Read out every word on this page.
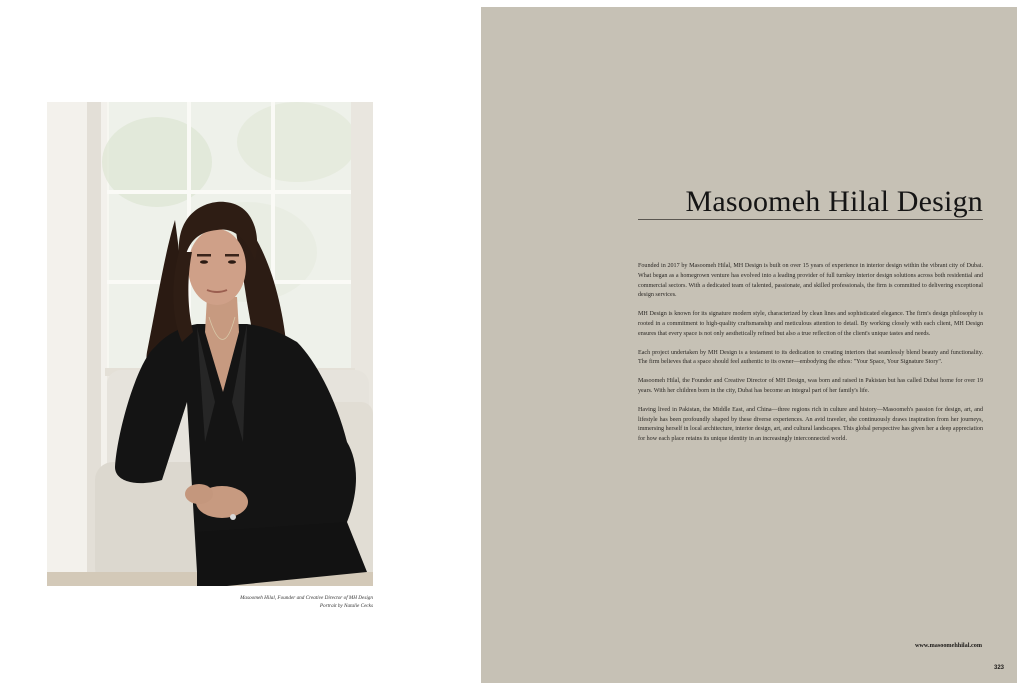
Masoomeh Hilal, Founder and Creative Director of MH Design
Portrait by Natalie Cecks
Masoomeh Hilal Design

Founded in 2017 by Masoomeh Hilal, MH Design is built on over 15 years of experience in interior design within the vibrant city of Dubai. What began as a homegrown venture has evolved into a leading provider of full turnkey interior design solutions across both residential and commercial sectors. With a dedicated team of talented, passionate, and skilled professionals, the firm is committed to delivering exceptional design services.

MH Design is known for its signature modern style, characterized by clean lines and sophisticated elegance. The firm's design philosophy is rooted in a commitment to high-quality craftsmanship and meticulous attention to detail. By working closely with each client, MH Design ensures that every space is not only aesthetically refined but also a true reflection of the client's unique tastes and needs.

Each project undertaken by MH Design is a testament to its dedication to creating interiors that seamlessly blend beauty and functionality. The firm believes that a space should feel authentic to its owner—embodying the ethos: "Your Space, Your Signature Story".

Masoomeh Hilal, the Founder and Creative Director of MH Design, was born and raised in Pakistan but has called Dubai home for over 19 years. With her children born in the city, Dubai has become an integral part of her family's life.

Having lived in Pakistan, the Middle East, and China—three regions rich in culture and history—Masoomeh's passion for design, art, and lifestyle has been profoundly shaped by these diverse experiences. An avid traveler, she continuously draws inspiration from her journeys, immersing herself in local architecture, interior design, art, and cultural landscapes. This global perspective has given her a deep appreciation for how each place retains its unique identity in an increasingly interconnected world.

www.masoomehhilal.com
323
